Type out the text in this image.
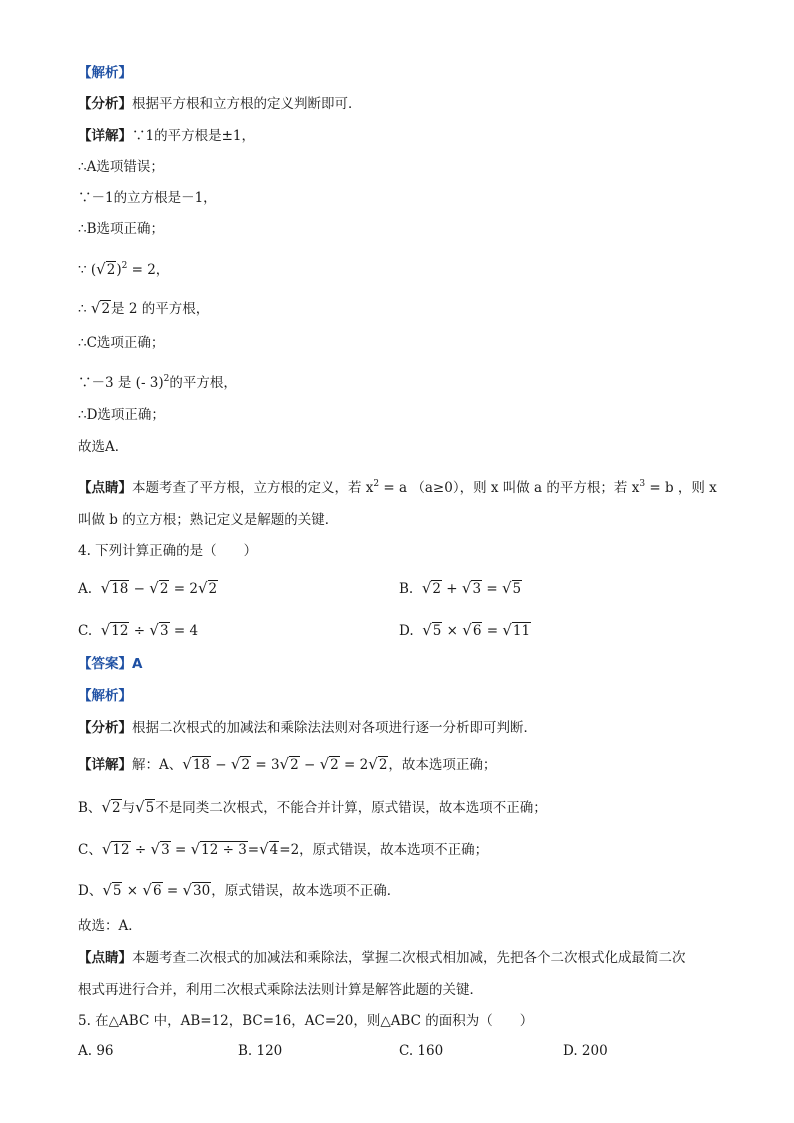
【解析】
【分析】根据平方根和立方根的定义判断即可．
【详解】∵1的平方根是±1，
∴A选项错误；
∵－1的立方根是－1，
∴B选项正确；
∵ $(√2)^2 = 2$，
∴ √2是 2 的平方根，
∴C选项正确；
∵－3 是 (- 3)$^2$的平方根，
∴D选项正确；
故选A．
【点睛】本题考查了平方根，立方根的定义，若 $x^2 = a$ （a≥0），则 x 叫做 a 的平方根；若 $x^3 = b$ ，则 x
叫做 b 的立方根；熟记定义是解题的关键．
4. 下列计算正确的是（　　）
A. √18 − √2 = 2√2	B. √2 + √3 = √5
C. √12 ÷ √3 = 4	D. √5 × √6 = √11
【答案】A
【解析】
【分析】根据二次根式的加减法和乘除法法则对各项进行逐一分析即可判断．
【详解】解：A、√18 − √2 = 3√2 − √2 = 2√2，故本选项正确；
B、√2与√5不是同类二次根式，不能合并计算，原式错误，故本选项不正确；
C、√12 ÷ √3 = √12 ÷ 3=√4=2，原式错误，故本选项不正确；
D、√5 × √6 = √30，原式错误，故本选项不正确．
故选：A．
【点睛】本题考查二次根式的加减法和乘除法，掌握二次根式相加减，先把各个二次根式化成最简二次
根式再进行合并，利用二次根式乘除法法则计算是解答此题的关键．
5. 在△ABC 中，AB=12，BC=16，AC=20，则△ABC 的面积为（　　）
A. 96	B. 120	C. 160	D. 200
